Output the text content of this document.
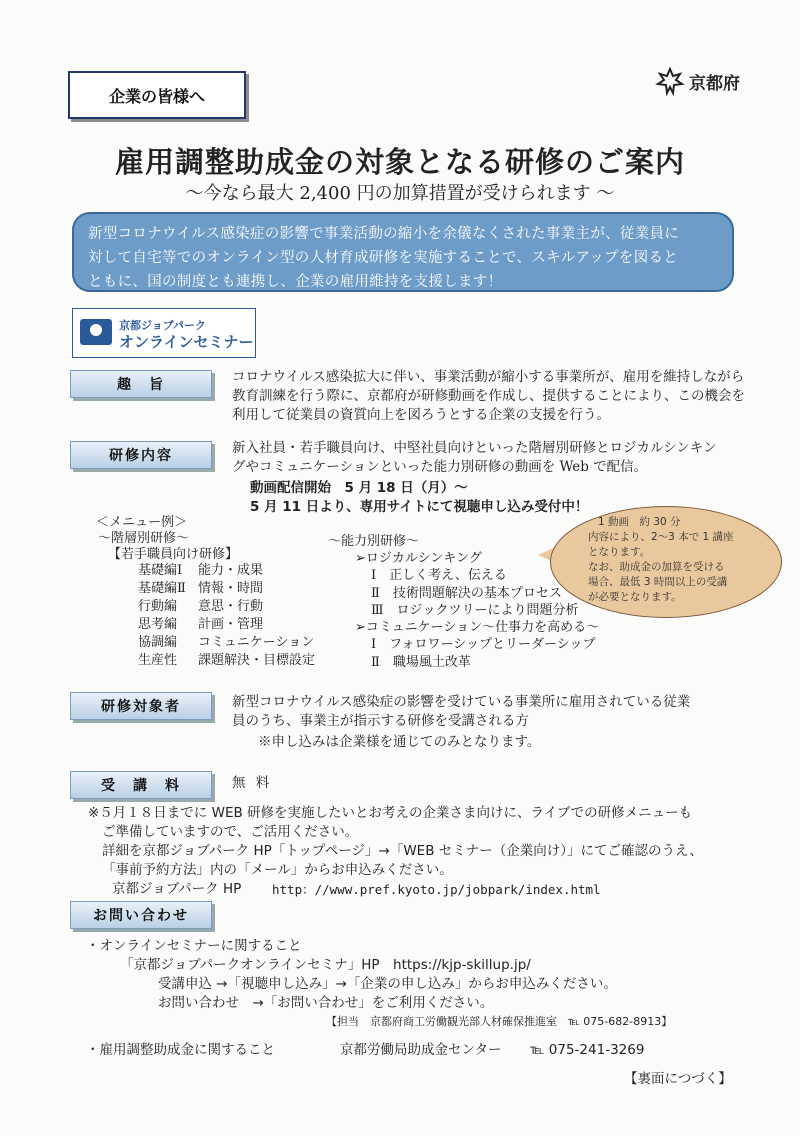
企業の皆様へ
京都府
雇用調整助成金の対象となる研修のご案内
～今なら最大 2,400 円の加算措置が受けられます ～
新型コロナウイルス感染症の影響で事業活動の縮小を余儀なくされた事業主が、従業員に
対して自宅等でのオンライン型の人材育成研修を実施することで、スキルアップを図ると
ともに、国の制度とも連携し、企業の雇用維持を支援します！
京都ジョブパーク
オンラインセミナー
趣　旨	コロナウイルス感染拡大に伴い、事業活動が縮小する事業所が、雇用を維持しながら
教育訓練を行う際に、京都府が研修動画を作成し、提供することにより、この機会を
利用して従業員の資質向上を図ろうとする企業の支援を行う。
研修内容	新入社員・若手職員向け、中堅社員向けといった階層別研修とロジカルシンキン
グやコミュニケーションといった能力別研修の動画を Web で配信。
動画配信開始　5 月 18 日（月）～
5 月 11 日より、専用サイトにて視聴申し込み受付中！
＜メニュー例＞
～階層別研修～
【若手職員向け研修】
基礎編Ⅰ	能力・成果
基礎編Ⅱ 情報・時間
行動編	意思・行動
思考編	計画・管理
協調編	コミュニケーション
生産性	課題解決・目標設定
～能力別研修～
➢ロジカルシンキング
Ⅰ　正しく考え、伝える
Ⅱ　技術問題解決の基本プロセス
Ⅲ　ロジックツリーにより問題分析
➢コミュニケーション～仕事力を高める～
Ⅰ　フォロワーシップとリーダーシップ
Ⅱ　職場風土改革
1 動画　約 30 分
内容により、2～3 本で 1 講座
となります。
なお、助成金の加算を受ける
場合、最低 3 時間以上の受講
が必要となります。
研修対象者	新型コロナウイルス感染症の影響を受けている事業所に雇用されている従業
員のうち、事業主が指示する研修を受講される方
※申し込みは企業様を通じてのみとなります。
受　講　料	無 料
※５月１８日までに WEB 研修を実施したいとお考えの企業さま向けに、ライブでの研修メニューも
ご準備していますので、ご活用ください。
詳細を京都ジョブパーク HP「トップページ」→「WEB セミナー（企業向け）」にてご確認のうえ、
「事前予約方法」内の「メール」からお申込みください。
京都ジョブパーク HP http：//www.pref.kyoto.jp/jobpark/index.html
お問い合わせ
・オンラインセミナーに関すること
「京都ジョブパークオンラインセミナ」HP　https://kjp-skillup.jp/
受講申込 →「視聴申し込み」→「企業の申し込み」からお申込みください。
お問い合わせ　→「お問い合わせ」をご利用ください。
【担当　京都府商工労働観光部人材確保推進室　℡ 075-682-8913】
・雇用調整助成金に関すること	京都労働局助成金センター ℡ 075-241-3269
【裏面につづく】
